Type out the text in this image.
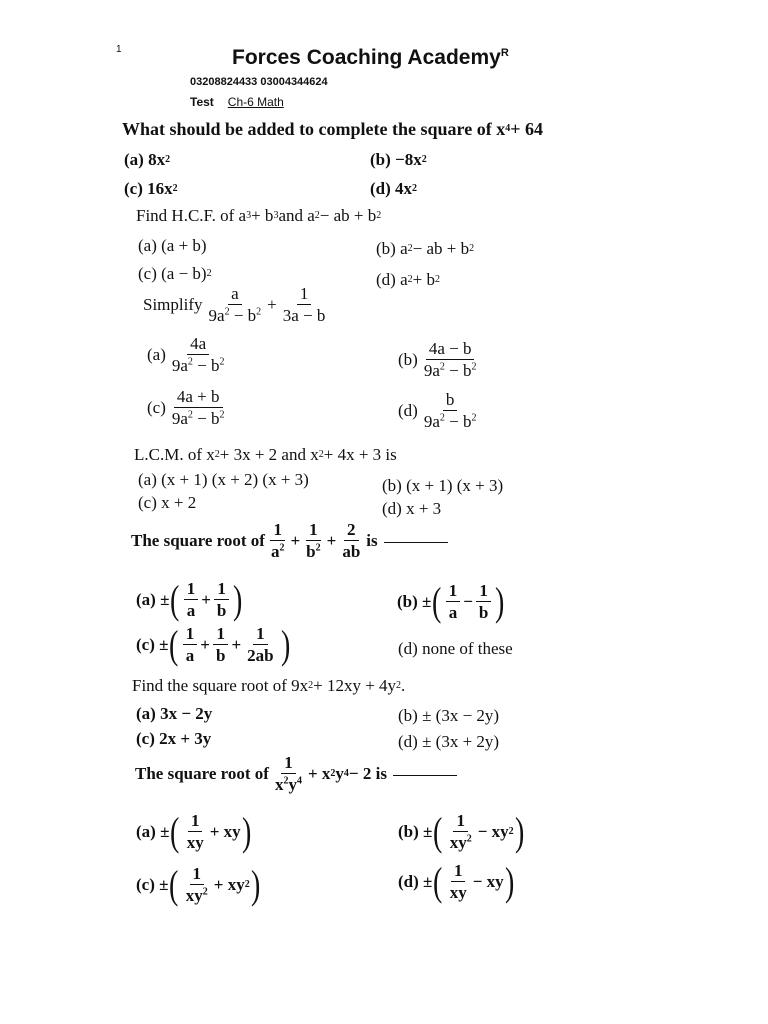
1	Forces Coaching Academy$^R$
03208824433 03004344624
Test Ch-6 Math
What should be added to complete the square of x 4 + 64
(a) 8x 2	(b) −8x 2
(c) 16x 2	(d) 4x 2
Find H.C.F. of a 3 + b 3 and a 2 − ab + b 2
(a) (a + b)	(b) a 2 − ab + b 2
(c) (a − b) 2	(d) a 2 + b 2
Simplify $\frac{a}{9a^2 - b^2} + \frac{1}{3a - b}$
$(a) \frac{4a}{9a^2 - b^2}$	$(b) \frac{4a - b}{9a^2 - b^2}$
$(c) \frac{4a + b}{9a^2 - b^2}$	$(d) \frac{b}{9a^2 - b^2}$
L.C.M. of x 2 + 3x + 2 and x 2 + 4x + 3 is
(a) (x + 1) (x + 2) (x + 3)	(b) (x + 1) (x + 3)
(c) x + 2	(d) x + 3
The square root of $\frac{1}{a^2} + \frac{1}{b^2} + \frac{2}{ab}$ is
(a) ± ( $\frac{1}{a} + \frac{1}{b}$ )	(b) ± ( $\frac{1}{a} - \frac{1}{b}$ )
(c) ± ( $\frac{1}{a} + \frac{1}{b} + \frac{1}{2ab}$ )	(d) none of these
Find the square root of 9x 2 + 12xy + 4y 2 .
(a) 3x − 2y	(b) ± (3x − 2y)
(c) 2x + 3y	(d) ± (3x + 2y)
The square root of $\frac{1}{x^2y^4} + x$ 2 y 4 − 2 is
(a) ± ( $\frac{1}{xy}$ + xy )	(b) ± ( $\frac{1}{xy^2}$ − xy 2 )
(c) ± ( $\frac{1}{xy^2}$ + xy 2 )	(d) ± ( $\frac{1}{xy}$ − xy )
